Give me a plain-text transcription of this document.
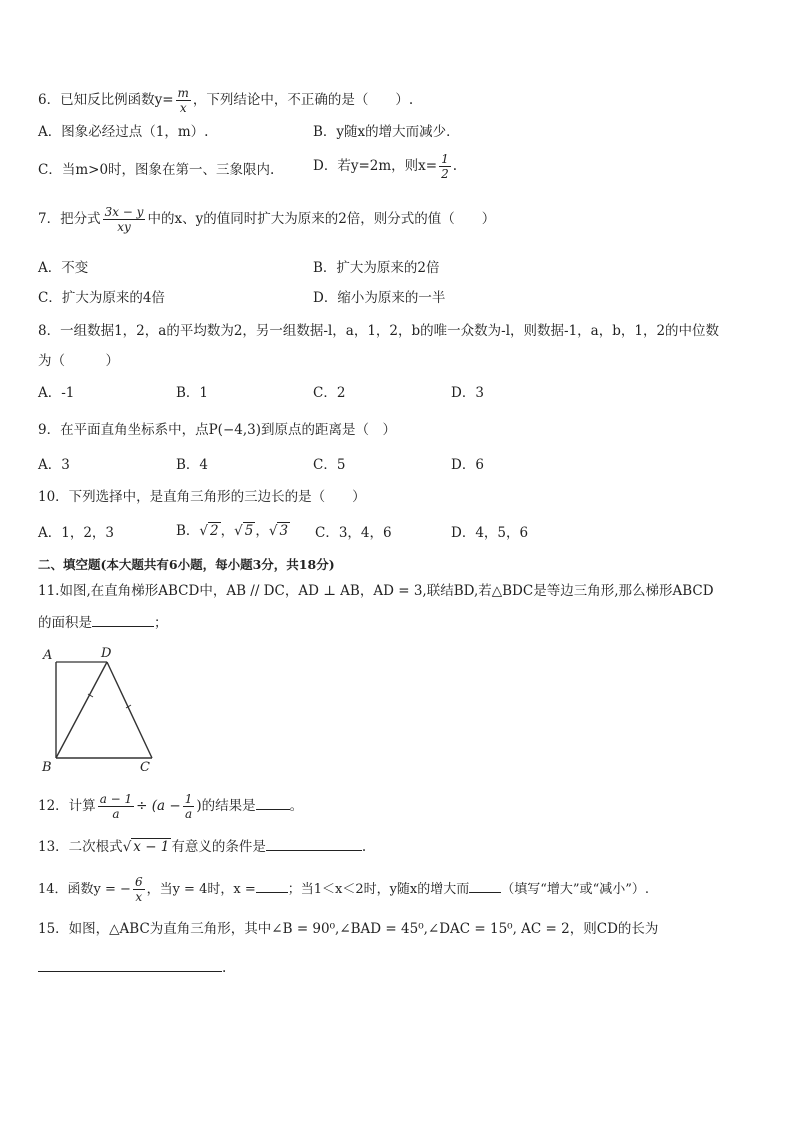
6．已知反比例函数$y= \frac{m}{x}$ ，下列结论中，不正确的是（　　）.
A．图象必经过点（1，m）.	B．y随x的增大而减少．
C．当m>0时，图象在第一、三象限内.	D．若y=2m，则$x= \frac{1}{2}$ .
7．把分式 $\frac{3x - y}{xy}$ 中的x、y的值同时扩大为原来的2倍，则分式的值（　　）
A．不变	B．扩大为原来的2倍
C．扩大为原来的4倍	D．缩小为原来的一半
8．一组数据1，2，a的平均数为2，另一组数据-l，a，1，2，b的唯一众数为-l，则数据-1，a，b，1，2的中位数
为（　　　）
A．-1	B．1	C．2	D．3
9．在平面直角坐标系中，点P(−4,3)到原点的距离是（　）
A．3	B．4	C．5	D．6
10．下列选择中，是直角三角形的三边长的是（　　）
A．1，2，3	B．√ 2 ，√ 5 ，√ 3 C．3，4，6	D．4，5，6
二、填空题(本大题共有6小题，每小题3分，共18分)
11.如图,在直角梯形ABCD中，AB // DC，AD ⊥ AB，AD = 3,联结BD,若△BDC是等边三角形,那么梯形ABCD
的面积是	；
A	D
B	C
12．计算 $\frac{a - 1}{a} \div (a - \frac{1}{a}$ )的结果是	。
13．二次根式√ x − 1 有意义的条件是	.
14．函数y = − $\frac{6}{x}$ ，当y = 4时，x = ；当1＜x＜2时，y随x的增大而 （填写“增大”或“减小”）.
15．如图，△ABC为直角三角形，其中∠B = 90⁰,∠BAD = 45⁰,∠DAC = 15⁰, AC = 2，则CD的长为
.
